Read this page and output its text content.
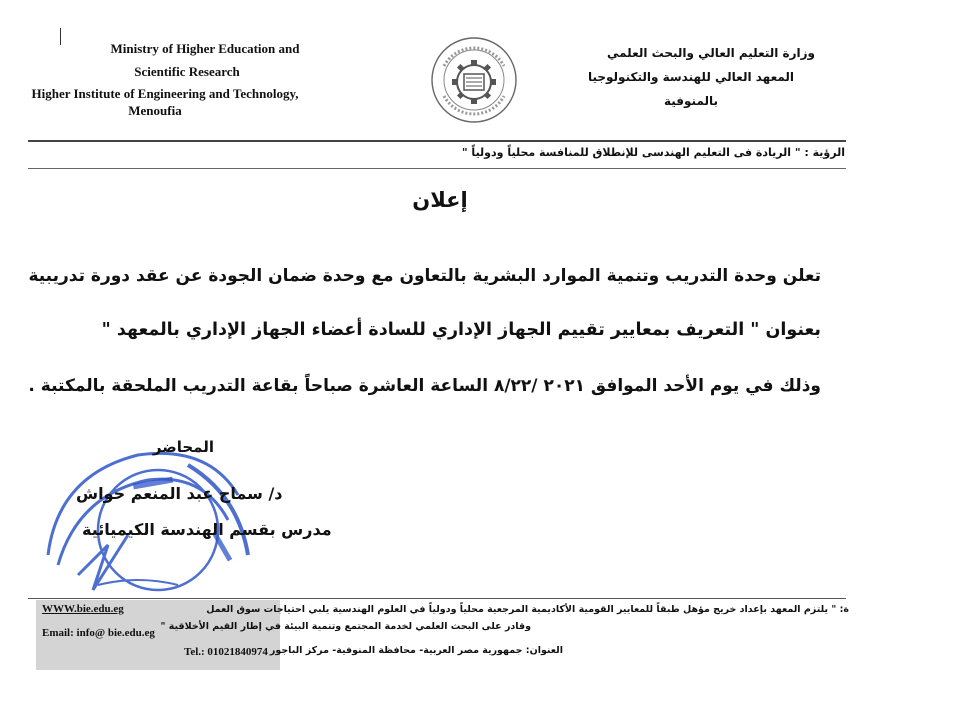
Ministry of Higher Education and
Scientific Research
Higher Institute of Engineering and Technology,
Menoufia
وزارة التعليم العالي والبحث العلمي
المعهد العالي للهندسة والتكنولوجيا
بالمنوفية
الرؤية : " الريادة فى التعليم الهندسى للإنطلاق للمنافسة محلياً ودولياً "
إعلان
تعلن وحدة التدريب وتنمية الموارد البشرية بالتعاون مع وحدة ضمان الجودة عن عقد دورة تدريبية
بعنوان " التعريف بمعايير تقييم الجهاز الإداري للسادة أعضاء الجهاز الإداري بالمعهد "
وذلك في يوم الأحد الموافق ٢٠٢١ /٨/٢٢ الساعة العاشرة صباحاً بقاعة التدريب الملحقة بالمكتبة .
المحاضر
د/ سماح عبد المنعم حواش
مدرس بقسم الهندسة الكيميائية
WWW.bie.edu.eg
Email: info@ bie.edu.eg
Tel.: 01021840974
ة: " يلتزم المعهد بإعداد خريج مؤهل طبقاً للمعايير القومية الأكاديمية المرجعية محلياً ودولياً في العلوم الهندسية يلبي احتياجات سوق العمل
وقادر على البحث العلمي لخدمة المجتمع وتنمية البيئة في إطار القيم الأخلاقية "
العنوان: جمهورية مصر العربية- محافظة المنوفية- مركز الباجور
